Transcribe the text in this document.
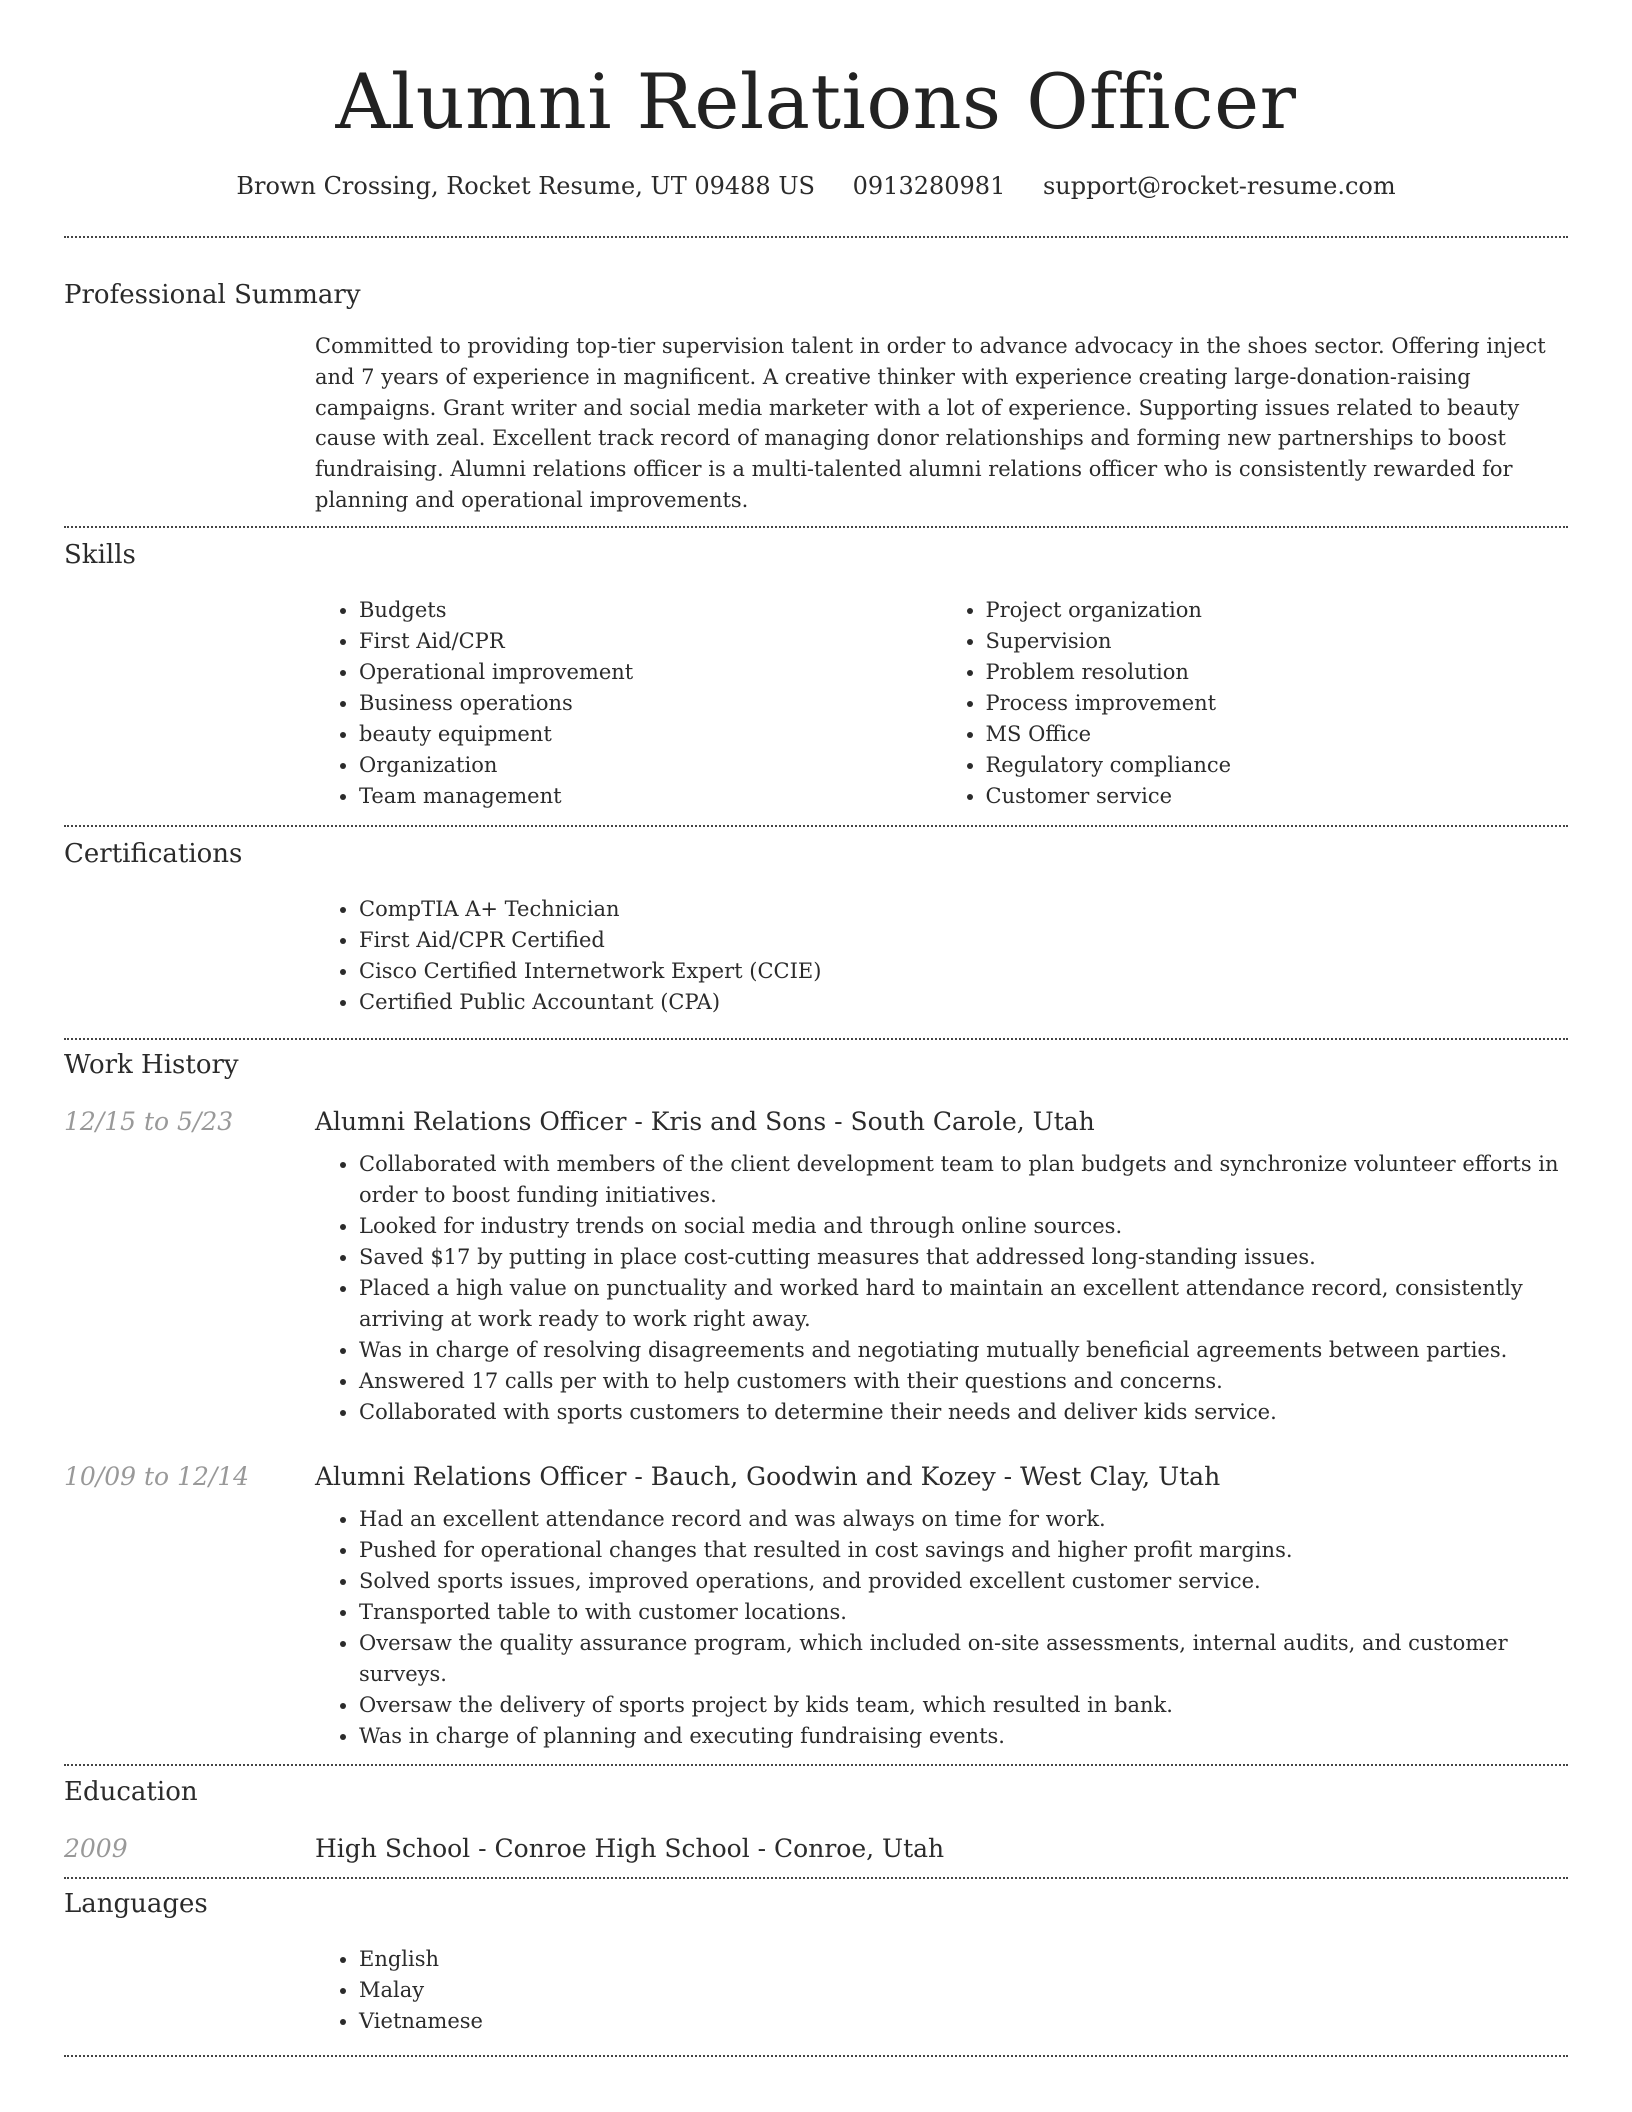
Alumni Relations Officer
Brown Crossing, Rocket Resume, UT 09488 US 0913280981 support@rocket-resume.com
Professional Summary
Committed to providing top-tier supervision talent in order to advance advocacy in the shoes sector. Offering inject and 7 years of experience in magnificent. A creative thinker with experience creating large-donation-raising campaigns. Grant writer and social media marketer with a lot of experience. Supporting issues related to beauty cause with zeal. Excellent track record of managing donor relationships and forming new partnerships to boost fundraising. Alumni relations officer is a multi-talented alumni relations officer who is consistently rewarded for planning and operational improvements.
Skills
• Budgets
• First Aid/CPR
• Operational improvement
• Business operations
• beauty equipment
• Organization
• Team management
• Project organization
• Supervision
• Problem resolution
• Process improvement
• MS Office
• Regulatory compliance
• Customer service
Certifications
• CompTIA A+ Technician
• First Aid/CPR Certified
• Cisco Certified Internetwork Expert (CCIE)
• Certified Public Accountant (CPA)
Work History
12/15 to 5/23	Alumni Relations Officer - Kris and Sons - South Carole, Utah
• Collaborated with members of the client development team to plan budgets and synchronize volunteer efforts in order to boost funding initiatives.
• Looked for industry trends on social media and through online sources.
• Saved $17 by putting in place cost-cutting measures that addressed long-standing issues.
• Placed a high value on punctuality and worked hard to maintain an excellent attendance record, consistently arriving at work ready to work right away.
• Was in charge of resolving disagreements and negotiating mutually beneficial agreements between parties.
• Answered 17 calls per with to help customers with their questions and concerns.
• Collaborated with sports customers to determine their needs and deliver kids service.
10/09 to 12/14	Alumni Relations Officer - Bauch, Goodwin and Kozey - West Clay, Utah
• Had an excellent attendance record and was always on time for work.
• Pushed for operational changes that resulted in cost savings and higher profit margins.
• Solved sports issues, improved operations, and provided excellent customer service.
• Transported table to with customer locations.
• Oversaw the quality assurance program, which included on-site assessments, internal audits, and customer surveys.
• Oversaw the delivery of sports project by kids team, which resulted in bank.
• Was in charge of planning and executing fundraising events.
Education
2009	High School - Conroe High School - Conroe, Utah
Languages
• English
• Malay
• Vietnamese
